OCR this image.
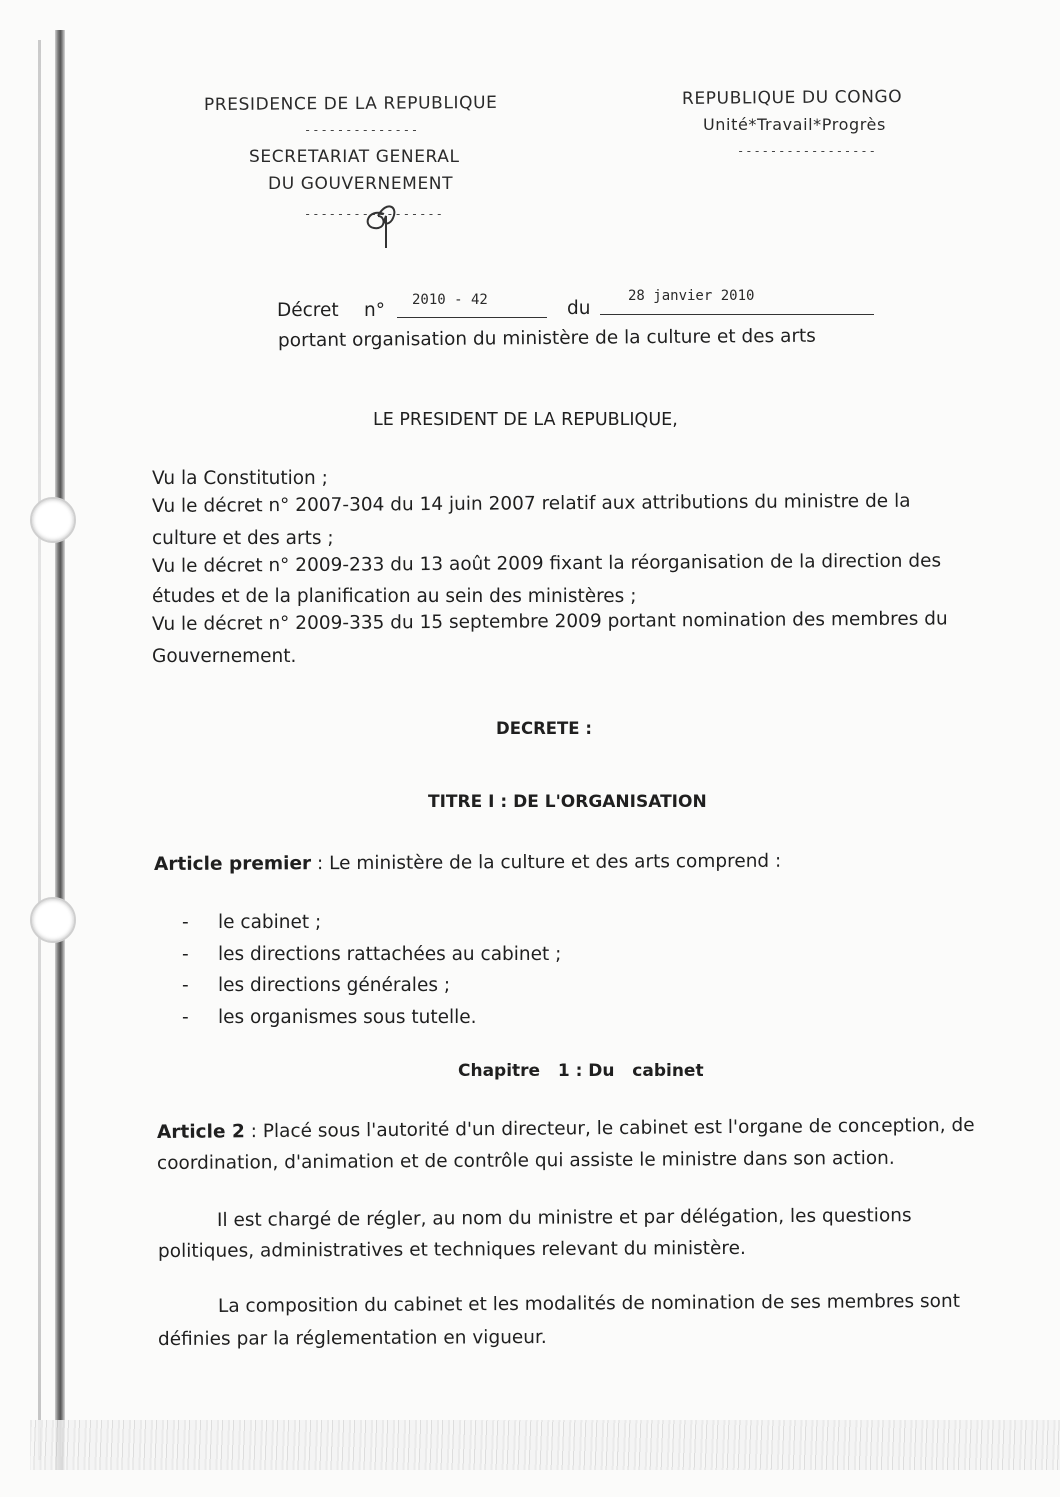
PRESIDENCE DE LA REPUBLIQUE
--------------
SECRETARIAT GENERAL
DU GOUVERNEMENT
-----------------
REPUBLIQUE DU CONGO
Unité*Travail*Progrès
-----------------
Décret n° 2010 - 42	du
28 janvier 2010
portant organisation du ministère de la culture et des arts
LE PRESIDENT DE LA REPUBLIQUE,
Vu la Constitution ;
Vu le décret n° 2007-304 du 14 juin 2007 relatif aux attributions du ministre de la
culture et des arts ;
Vu le décret n° 2009-233 du 13 août 2009 fixant la réorganisation de la direction des
études et de la planification au sein des ministères ;
Vu le décret n° 2009-335 du 15 septembre 2009 portant nomination des membres du
Gouvernement.
DECRETE :
TITRE I : DE L'ORGANISATION
Article premier : Le ministère de la culture et des arts comprend :
- le cabinet ;
- les directions rattachées au cabinet ;
- les directions générales ;
- les organismes sous tutelle.
Chapitre   1 : Du   cabinet
Article 2 : Placé sous l'autorité d'un directeur, le cabinet est l'organe de conception, de
coordination, d'animation et de contrôle qui assiste le ministre dans son action.
Il est chargé de régler, au nom du ministre et par délégation, les questions
politiques, administratives et techniques relevant du ministère.
La composition du cabinet et les modalités de nomination de ses membres sont
définies par la réglementation en vigueur.
